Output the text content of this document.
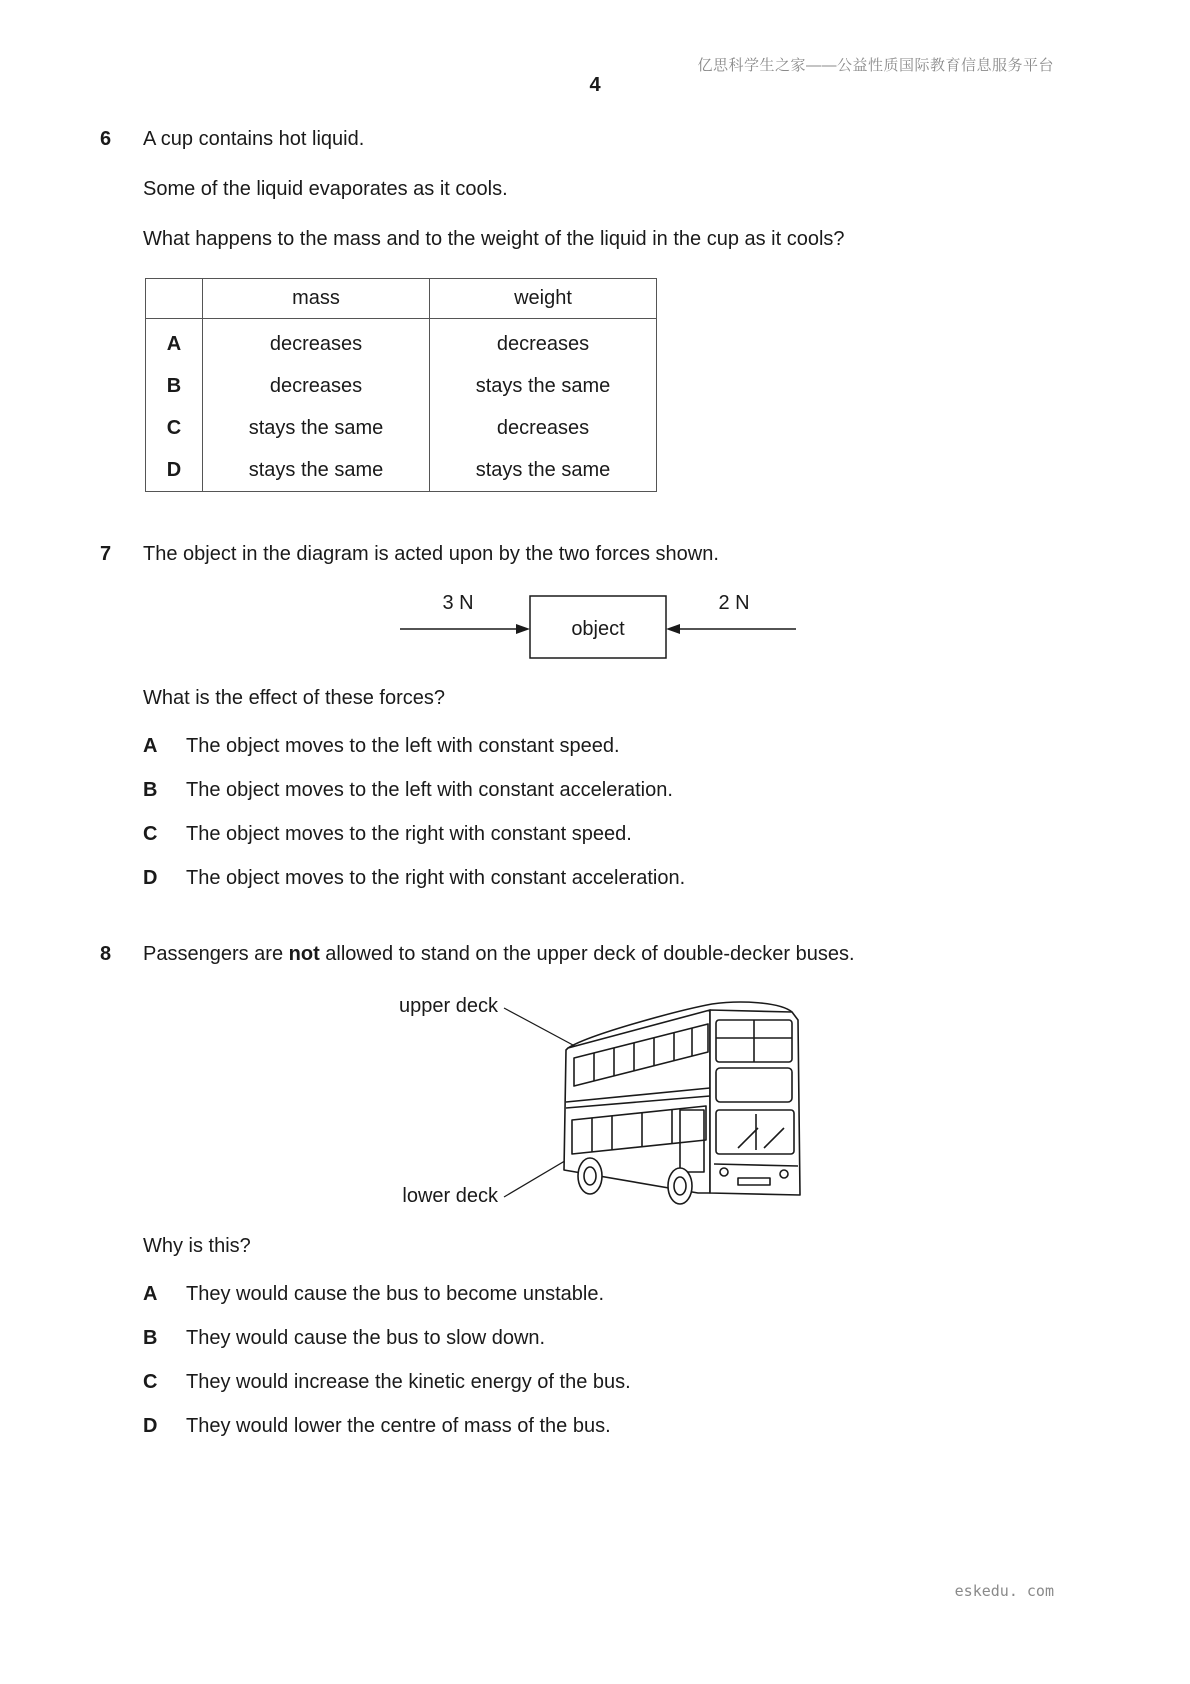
亿思科学生之家——公益性质国际教育信息服务平台
4
6 A cup contains hot liquid.
Some of the liquid evaporates as it cools.
What happens to the mass and to the weight of the liquid in the cup as it cools?
	mass	weight
A	decreases	decreases
B	decreases	stays the same
C	stays the same	decreases
D	stays the same	stays the same
7 The object in the diagram is acted upon by the two forces shown.
3 N
object
2 N
What is the effect of these forces?
A The object moves to the left with constant speed.
B The object moves to the left with constant acceleration.
C The object moves to the right with constant speed.
D The object moves to the right with constant acceleration.
8 Passengers are not allowed to stand on the upper deck of double-decker buses.
upper deck
lower deck
Why is this?
A They would cause the bus to become unstable.
B They would cause the bus to slow down.
C They would increase the kinetic energy of the bus.
D They would lower the centre of mass of the bus.
eskedu. com
